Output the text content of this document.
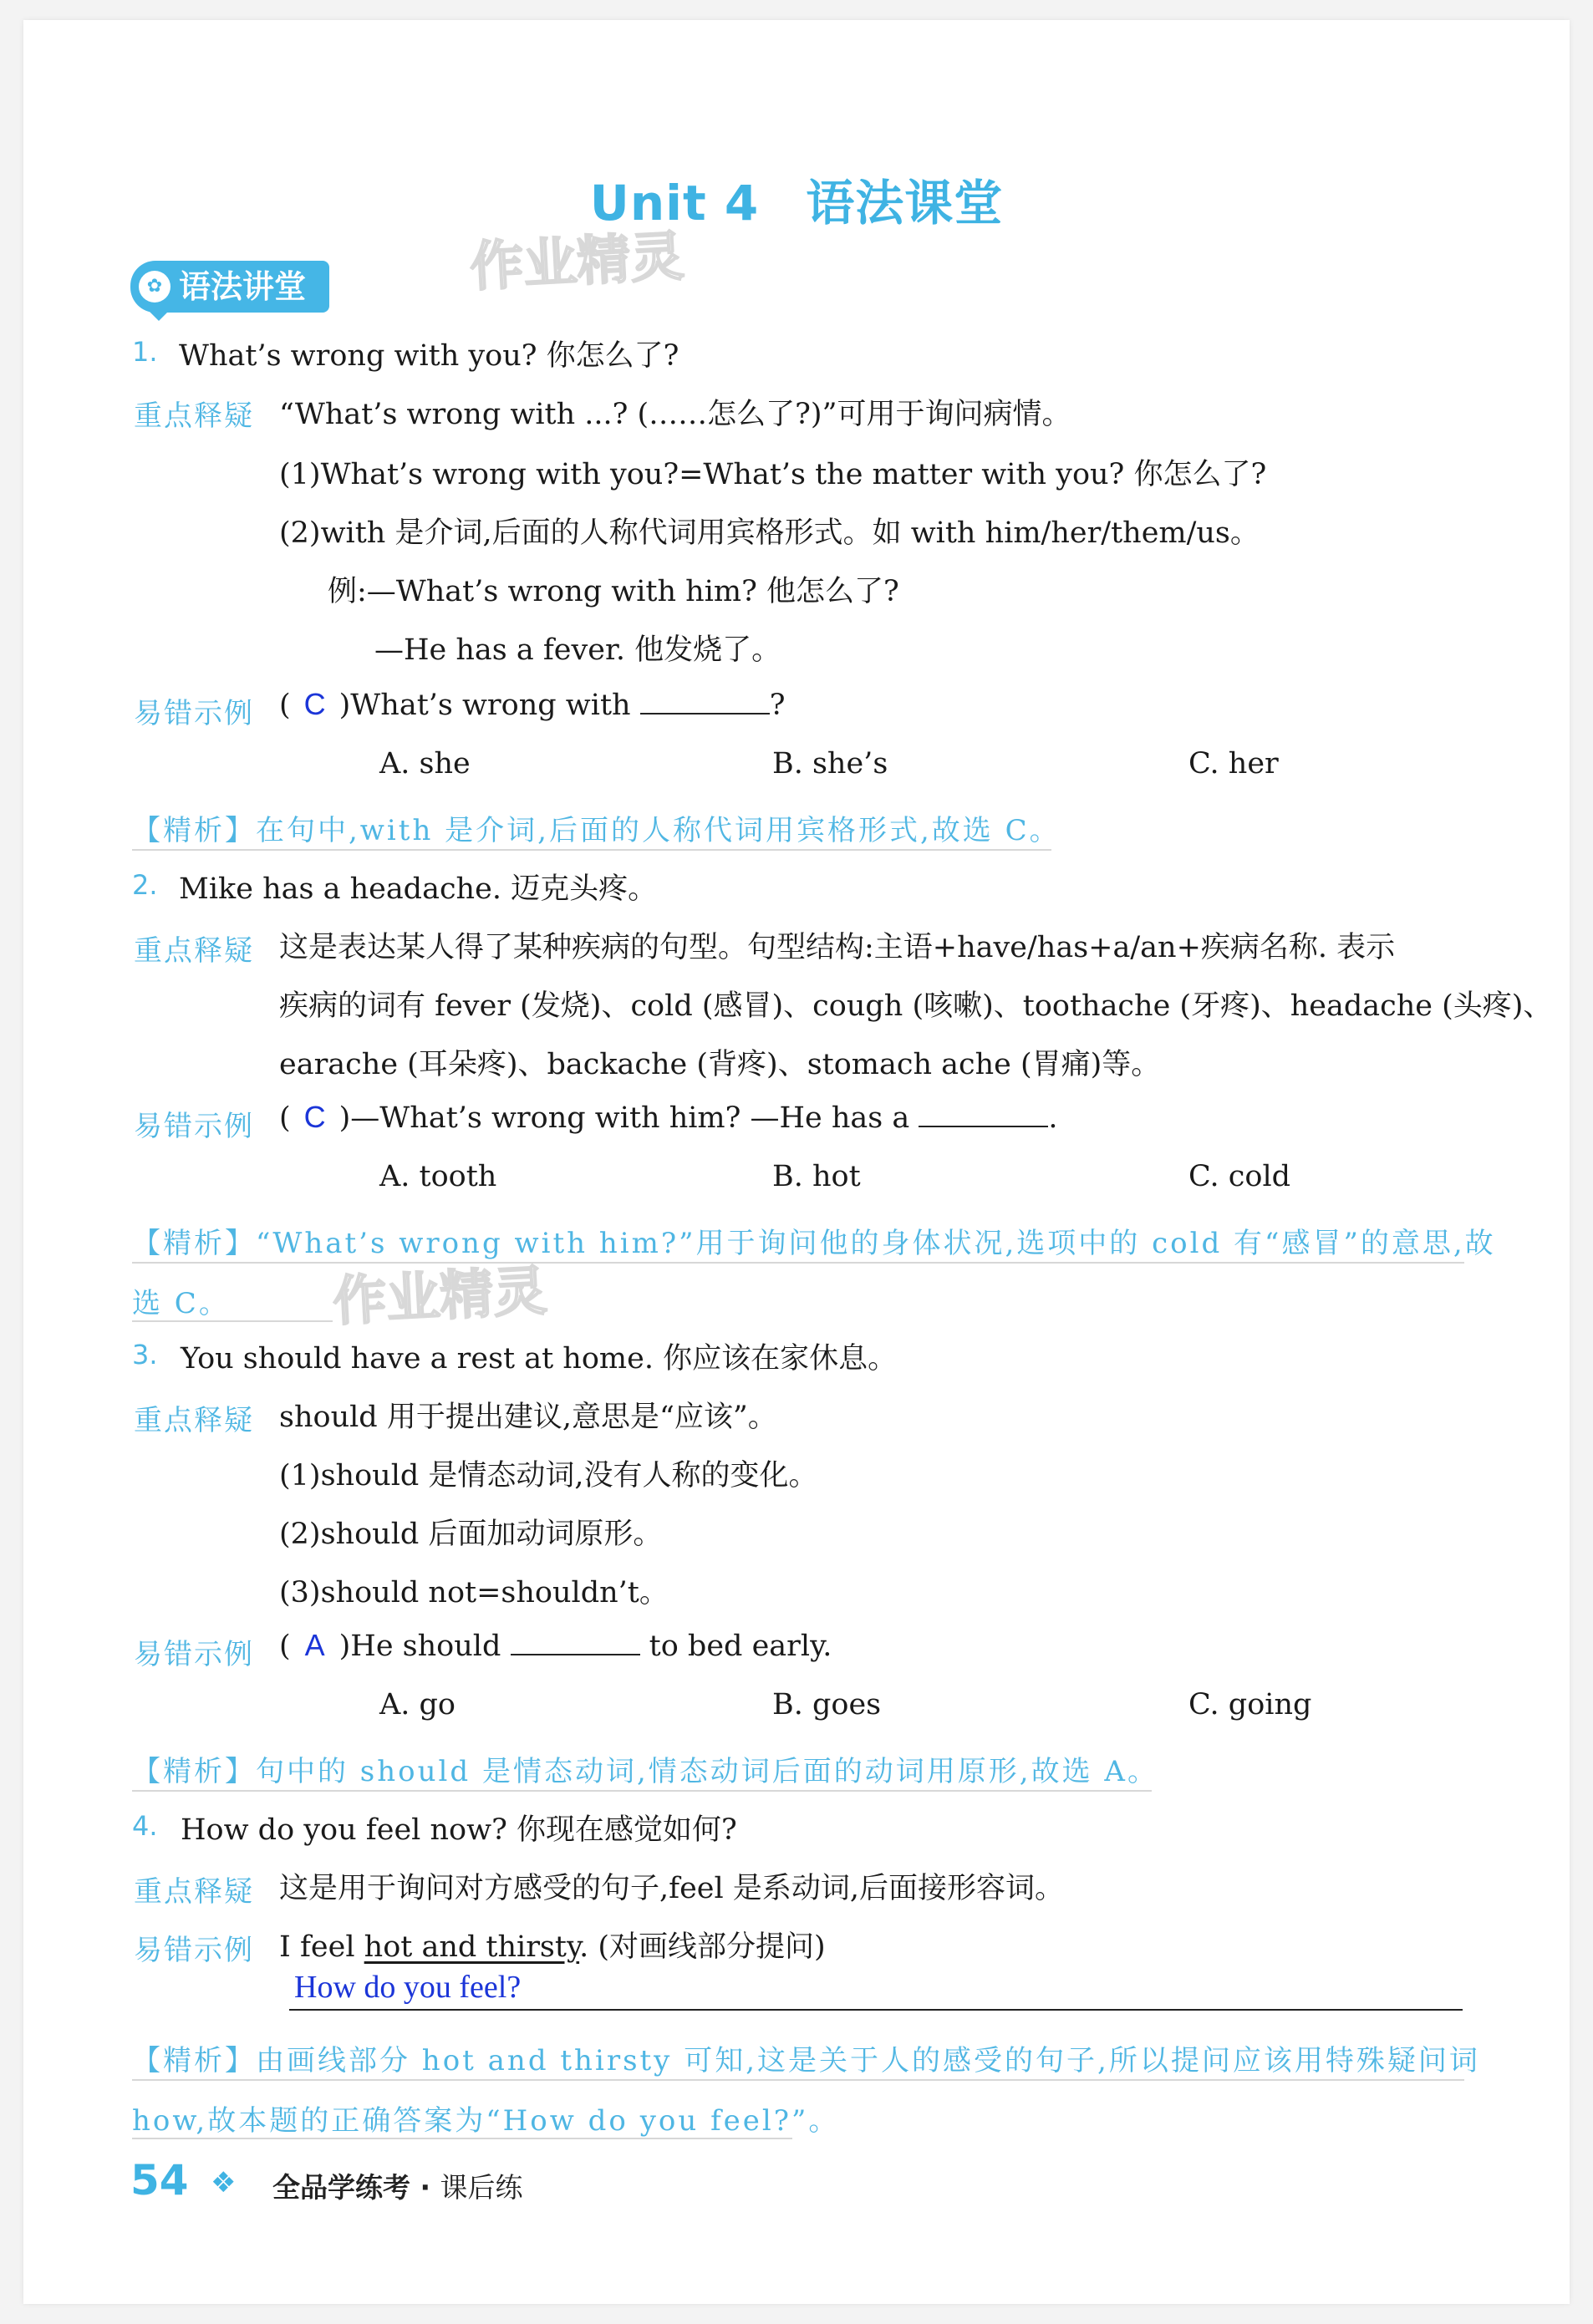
Unit 4 语法课堂
作业精灵
作业精灵
✿ 语法讲堂
1. What’s wrong with you? 你怎么了?
重点释疑 “What’s wrong with ...? (……怎么了?)”可用于询问病情。
(1)What’s wrong with you?=What’s the matter with you? 你怎么了?
(2)with 是介词,后面的人称代词用宾格形式。如 with him/her/them/us。
例:—What’s wrong with him? 他怎么了?
—He has a fever. 他发烧了。
易错示例 ( C )What’s wrong with	?
A. she	B. she’s	C. her
【精析】在句中,with 是介词,后面的人称代词用宾格形式,故选 C。
2. Mike has a headache. 迈克头疼。
重点释疑 这是表达某人得了某种疾病的句型。句型结构:主语+have/has+a/an+疾病名称. 表示
疾病的词有 fever (发烧)、cold (感冒)、cough (咳嗽)、toothache (牙疼)、headache (头疼)、
earache (耳朵疼)、backache (背疼)、stomach ache (胃痛)等。
易错示例 ( C )—What’s wrong with him? —He has a	.
A. tooth	B. hot	C. cold
【精析】“What’s wrong with him?”用于询问他的身体状况,选项中的 cold 有“感冒”的意思,故
选 C。
3. You should have a rest at home. 你应该在家休息。
重点释疑 should 用于提出建议,意思是“应该”。
(1)should 是情态动词,没有人称的变化。
(2)should 后面加动词原形。
(3)should not=shouldn’t。
易错示例 ( A )He should	to bed early.
A. go	B. goes	C. going
【精析】句中的 should 是情态动词,情态动词后面的动词用原形,故选 A。
4. How do you feel now? 你现在感觉如何?
重点释疑 这是用于询问对方感受的句子,feel 是系动词,后面接形容词。
易错示例 I feel hot and thirsty. (对画线部分提问)
How do you feel?
【精析】由画线部分 hot and thirsty 可知,这是关于人的感受的句子,所以提问应该用特殊疑问词
how,故本题的正确答案为“How do you feel?”。
54 ❖ 全品学练考 · 课后练
